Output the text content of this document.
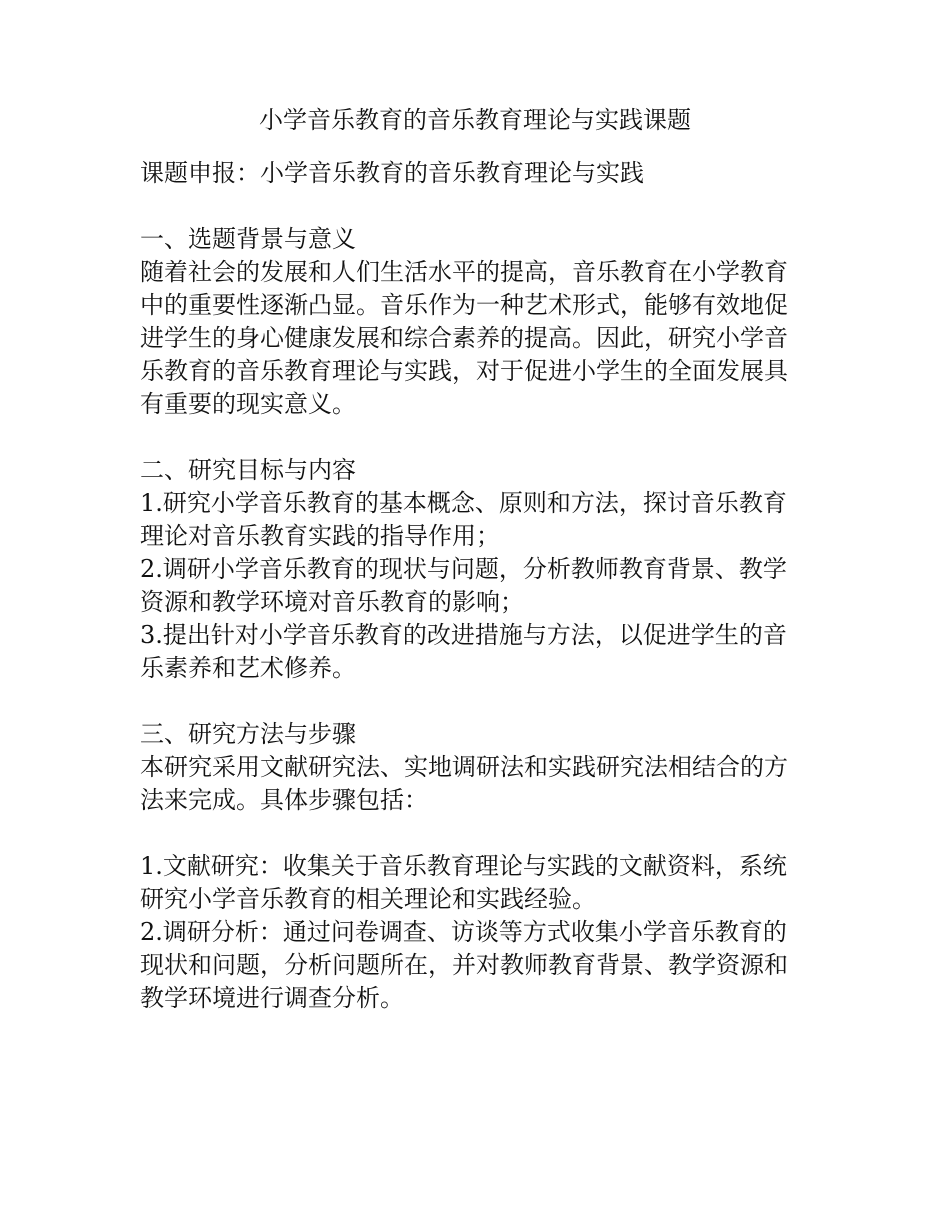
小学音乐教育的音乐教育理论与实践课题
课题申报：小学音乐教育的音乐教育理论与实践
一、选题背景与意义
随着社会的发展和人们生活水平的提高，音乐教育在小学教育
中的重要性逐渐凸显。音乐作为一种艺术形式，能够有效地促
进学生的身心健康发展和综合素养的提高。因此，研究小学音
乐教育的音乐教育理论与实践，对于促进小学生的全面发展具
有重要的现实意义。
二、研究目标与内容
1.研究小学音乐教育的基本概念、原则和方法，探讨音乐教育
理论对音乐教育实践的指导作用；
2.调研小学音乐教育的现状与问题，分析教师教育背景、教学
资源和教学环境对音乐教育的影响；
3.提出针对小学音乐教育的改进措施与方法，以促进学生的音
乐素养和艺术修养。
三、研究方法与步骤
本研究采用文献研究法、实地调研法和实践研究法相结合的方
法来完成。具体步骤包括：
1.文献研究：收集关于音乐教育理论与实践的文献资料，系统
研究小学音乐教育的相关理论和实践经验。
2.调研分析：通过问卷调查、访谈等方式收集小学音乐教育的
现状和问题，分析问题所在，并对教师教育背景、教学资源和
教学环境进行调查分析。
